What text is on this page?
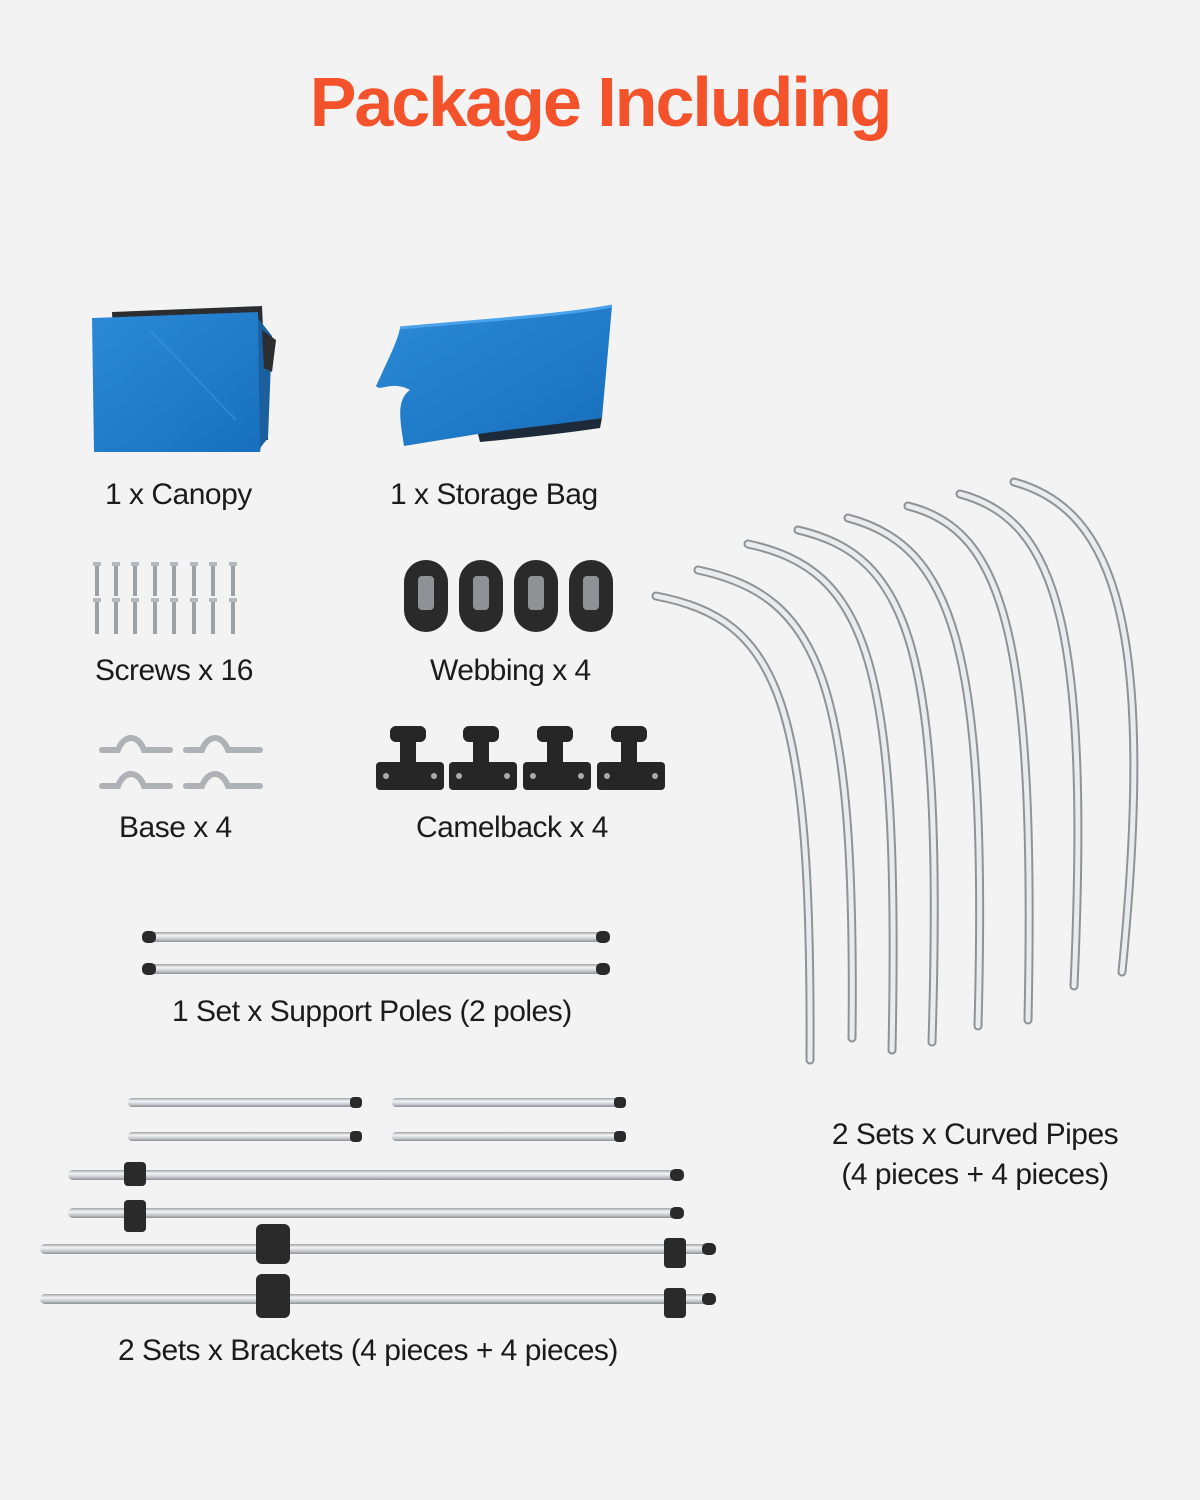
Package Including
1 x Canopy	1 x Storage Bag
Screws x 16	Webbing x 4
Base x 4	Camelback x 4
1 Set x Support Poles (2 poles)
2 Sets x Curved Pipes
(4 pieces + 4 pieces)
2 Sets x Brackets (4 pieces + 4 pieces)
